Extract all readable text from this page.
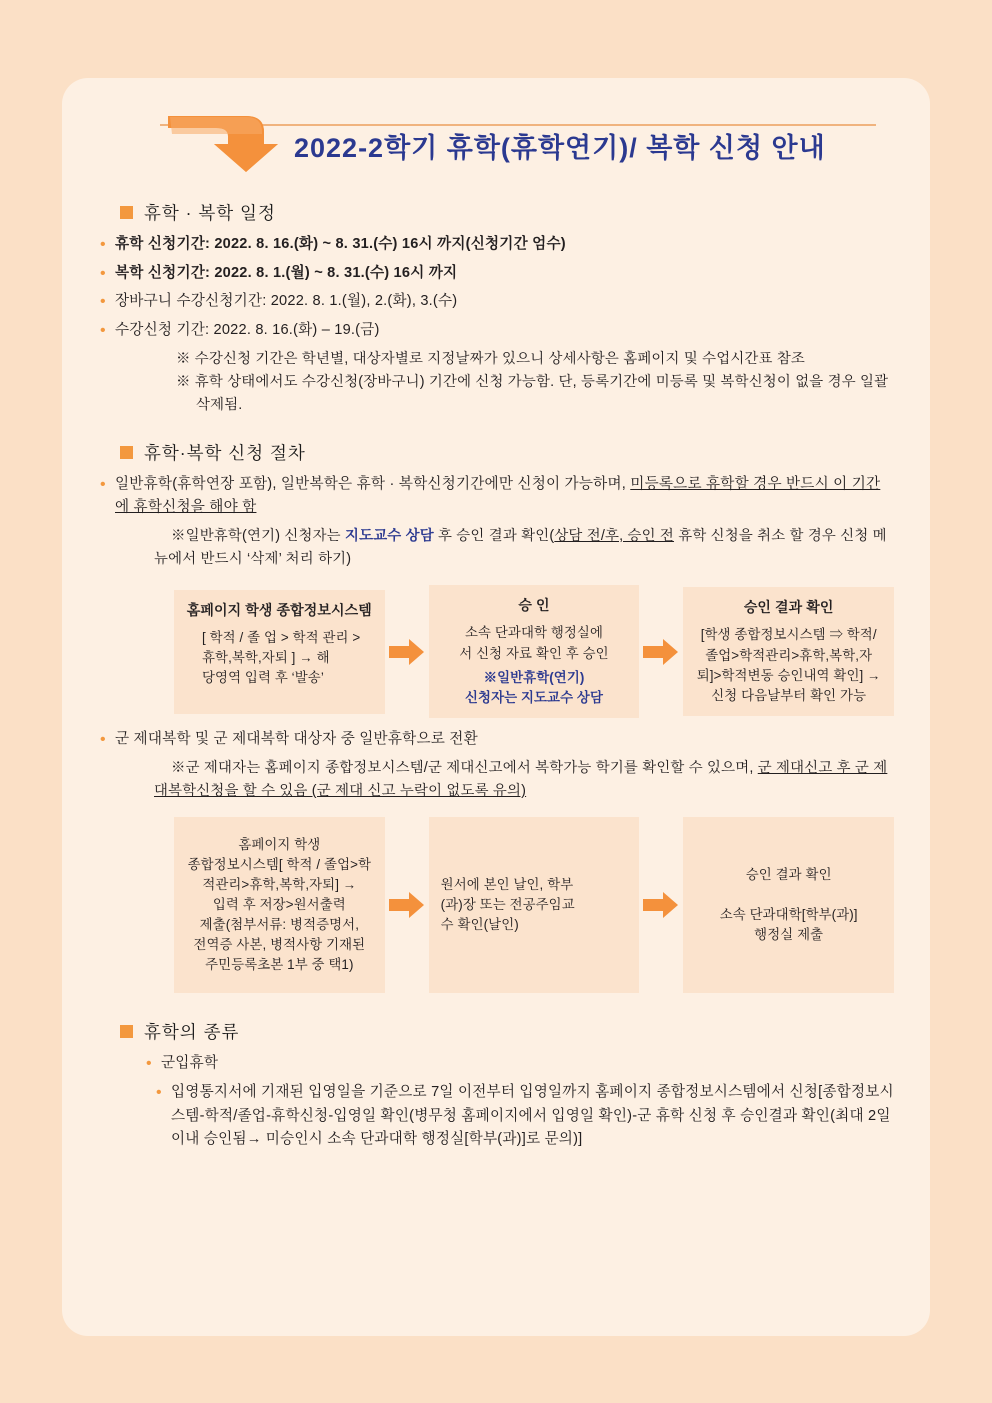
2022-2학기 휴학(휴학연기)/ 복학 신청 안내
휴학 · 복학 일정
• 휴학 신청기간: 2022. 8. 16.(화) ~ 8. 31.(수) 16시 까지(신청기간 엄수)
• 복학 신청기간: 2022. 8. 1.(월) ~ 8. 31.(수) 16시 까지
• 장바구니 수강신청기간: 2022. 8. 1.(월), 2.(화), 3.(수)
• 수강신청 기간: 2022. 8. 16.(화) – 19.(금)
※ 수강신청 기간은 학년별, 대상자별로 지정날짜가 있으니 상세사항은 홈페이지 및 수업시간표 참조
※ 휴학 상태에서도 수강신청(장바구니) 기간에 신청 가능함. 단, 등록기간에 미등록 및 복학신청이 없을 경우 일괄 삭제됨.
휴학·복학 신청 절차
• 일반휴학(휴학연장 포함), 일반복학은 휴학 · 복학신청기간에만 신청이 가능하며, 미등록으로 휴학할 경우 반드시 이 기간에 휴학신청을 해야 함
※일반휴학(연기) 신청자는 지도교수 상담 후 승인 결과 확인(상담 전/후, 승인 전 휴학 신청을 취소 할 경우 신청 메뉴에서 반드시 ‘삭제’ 처리 하기)
홈페이지 학생 종합정보시스템
[ 학적 / 졸 업 > 학적 관리 >
휴학,복학,자퇴 ] → 해
당영역 입력 후 ‘발송’
승 인
소속 단과대학 행정실에
서 신청 자료 확인 후 승인
※일반휴학(연기)
신청자는 지도교수 상담
승인 결과 확인
[학생 종합정보시스템 ⇒ 학적/
졸업>학적관리>휴학,복학,자
퇴]>학적변동 승인내역 확인] →
신청 다음날부터 확인 가능
• 군 제대복학 및 군 제대복학 대상자 중 일반휴학으로 전환
※군 제대자는 홈페이지 종합정보시스템/군 제대신고에서 복학가능 학기를 확인할 수 있으며, 군 제대신고 후 군 제대복학신청을 할 수 있음 (군 제대 신고 누락이 없도록 유의)
홈페이지 학생
종합정보시스템[ 학적 / 졸업>학
적관리>휴학,복학,자퇴] →
입력 후 저장>원서출력
제출(첨부서류: 병적증명서,
전역증 사본, 병적사항 기재된
주민등록초본 1부 중 택1)
원서에 본인 날인, 학부
(과)장 또는 전공주임교
수 확인(날인)
승인 결과 확인

소속 단과대학[학부(과)]
행정실 제출
휴학의 종류
• 군입휴학
• 입영통지서에 기재된 입영일을 기준으로 7일 이전부터 입영일까지 홈페이지 종합정보시스템에서 신청[종합정보시스템-학적/졸업-휴학신청-입영일 확인(병무청 홈페이지에서 입영일 확인)-군 휴학 신청 후 승인결과 확인(최대 2일 이내 승인됨→ 미승인시 소속 단과대학 행정실[학부(과)]로 문의)]
